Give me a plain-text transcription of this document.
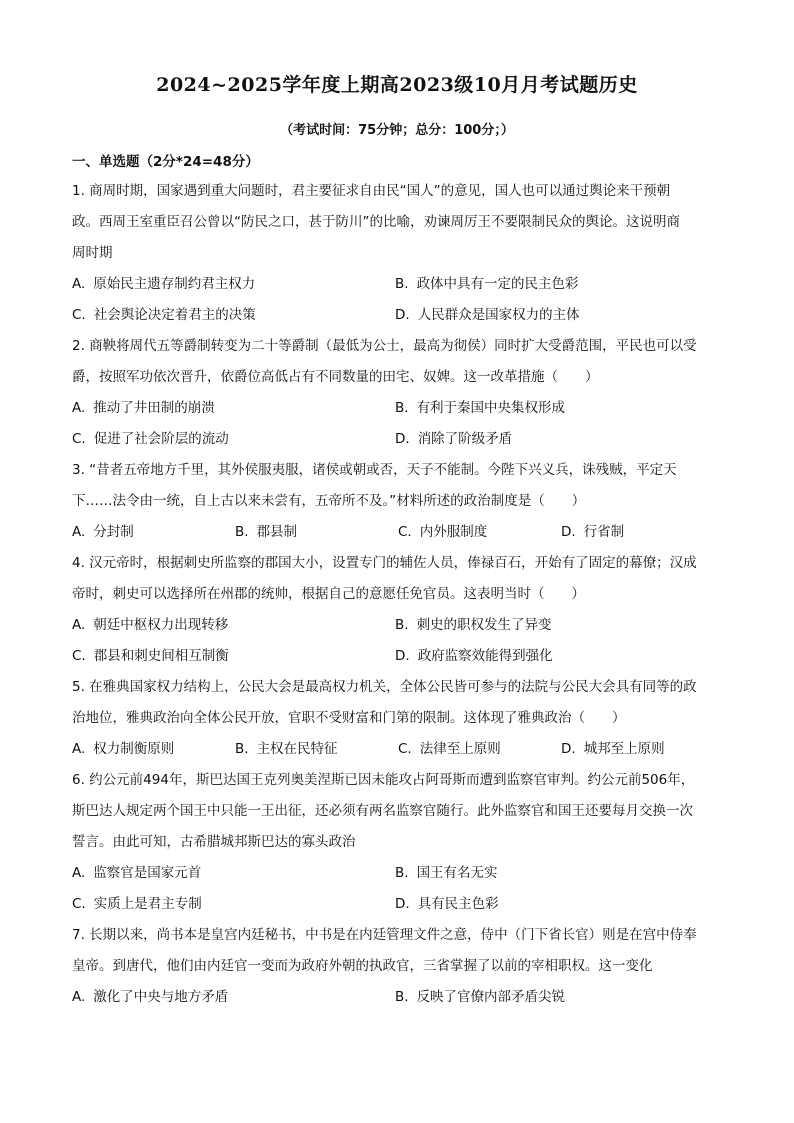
2024~2025学年度上期高2023级10月月考试题历史
（考试时间：75分钟；总分：100分；）
一、单选题（2分*24=48分）
1. 商周时期，国家遇到重大问题时，君主要征求自由民“国人”的意见，国人也可以通过舆论来干预朝
政。西周王室重臣召公曾以“防民之口，甚于防川”的比喻，劝谏周厉王不要限制民众的舆论。这说明商
周时期
A. 原始民主遗存制约君主权力	B. 政体中具有一定的民主色彩
C. 社会舆论决定着君主的决策	D. 人民群众是国家权力的主体
2. 商鞅将周代五等爵制转变为二十等爵制（最低为公士，最高为彻侯）同时扩大受爵范围，平民也可以受
爵，按照军功依次晋升，依爵位高低占有不同数量的田宅、奴婢。这一改革措施（　　）
A. 推动了井田制的崩溃	B. 有利于秦国中央集权形成
C. 促进了社会阶层的流动	D. 消除了阶级矛盾
3. “昔者五帝地方千里，其外侯服夷服，诸侯或朝或否，天子不能制。今陛下兴义兵，诛残贼，平定天
下……法令由一统，自上古以来未尝有，五帝所不及。”材料所述的政治制度是（　　）
A. 分封制	B. 郡县制	C. 内外服制度	D. 行省制
4. 汉元帝时，根据刺史所监察的郡国大小，设置专门的辅佐人员，俸禄百石，开始有了固定的幕僚；汉成
帝时，刺史可以选择所在州郡的统帅，根据自己的意愿任免官员。这表明当时（　　）
A. 朝廷中枢权力出现转移	B. 刺史的职权发生了异变
C. 郡县和刺史间相互制衡	D. 政府监察效能得到强化
5. 在雅典国家权力结构上，公民大会是最高权力机关，全体公民皆可参与的法院与公民大会具有同等的政
治地位，雅典政治向全体公民开放，官职不受财富和门第的限制。这体现了雅典政治（　　）
A. 权力制衡原则	B. 主权在民特征	C. 法律至上原则	D. 城邦至上原则
6. 约公元前494年，斯巴达国王克列奥美涅斯已因未能攻占阿哥斯而遭到监察官审判。约公元前506年，
斯巴达人规定两个国王中只能一王出征，还必须有两名监察官随行。此外监察官和国王还要每月交换一次
誓言。由此可知，古希腊城邦斯巴达的寡头政治
A. 监察官是国家元首	B. 国王有名无实
C. 实质上是君主专制	D. 具有民主色彩
7. 长期以来，尚书本是皇宫内廷秘书，中书是在内廷管理文件之意，侍中（门下省长官）则是在宫中侍奉
皇帝。到唐代，他们由内廷官一变而为政府外朝的执政官，三省掌握了以前的宰相职权。这一变化
A. 激化了中央与地方矛盾	B. 反映了官僚内部矛盾尖锐
